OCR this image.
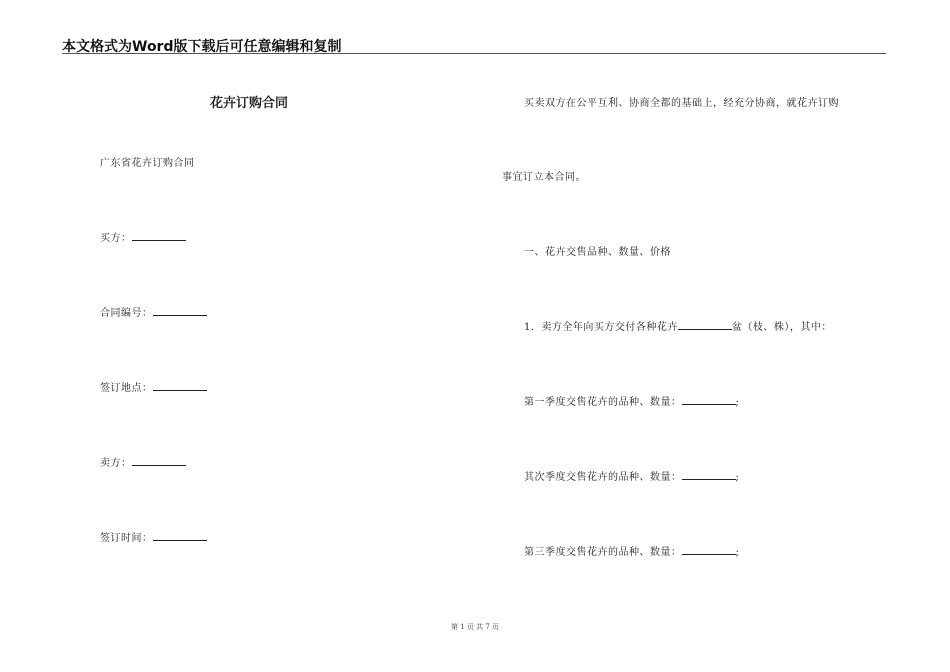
本文格式为Word版下载后可任意编辑和复制
花卉订购合同
广东省花卉订购合同
买方：
合同编号：
签订地点：
卖方：
签订时间：
买卖双方在公平互利、协商全都的基础上，经充分协商，就花卉订购
事宜订立本合同。
一、花卉交售品种、数量、价格
1．卖方全年向买方交付各种花卉	盆（枝、株），其中：
第一季度交售花卉的品种、数量：	;
其次季度交售花卉的品种、数量：	;
第三季度交售花卉的品种、数量：	;
第 1 页 共 7 页
